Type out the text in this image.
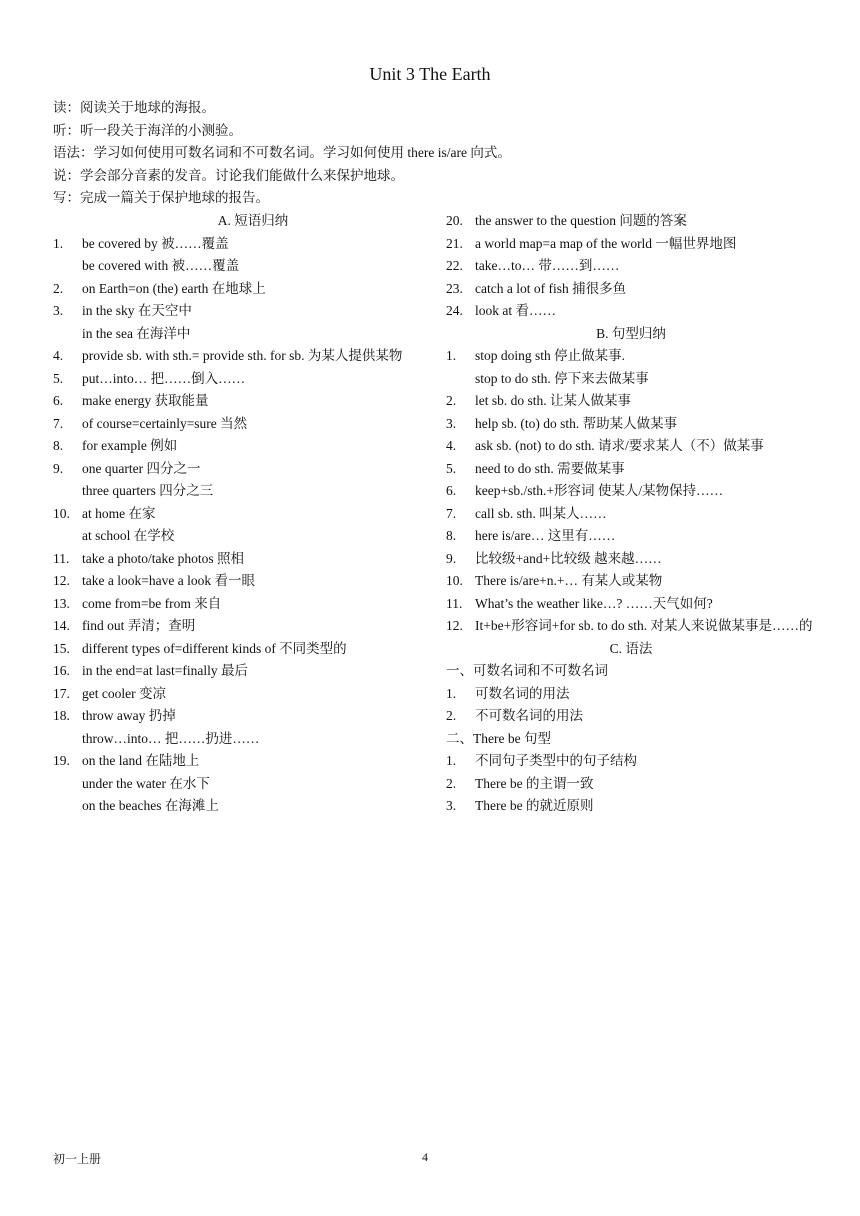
Unit 3 The Earth
读：阅读关于地球的海报。
听：听一段关于海洋的小测验。
语法：学习如何使用可数名词和不可数名词。学习如何使用 there is/are 向式。
说：学会部分音素的发音。讨论我们能做什么来保护地球。
写：完成一篇关于保护地球的报告。
A. 短语归纳
1.	be covered by 被……覆盖
be covered with 被……覆盖
2.	on Earth=on (the) earth 在地球上
3.	in the sky 在天空中
in the sea 在海洋中
4.	provide sb. with sth.= provide sth. for sb. 为某人提供某物
5.	put…into… 把……倒入……
6.	make energy 获取能量
7.	of course=certainly=sure 当然
8.	for example 例如
9.	one quarter 四分之一
three quarters 四分之三
10. at home 在家
at school 在学校
11. take a photo/take photos 照相
12. take a look=have a look 看一眼
13. come from=be from 来自
14. find out 弄清；查明
15. different types of=different kinds of 不同类型的
16. in the end=at last=finally 最后
17. get cooler 变凉
18. throw away 扔掉
throw…into… 把……扔进……
19. on the land 在陆地上
under the water 在水下
on the beaches 在海滩上
20. the answer to the question 问题的答案
21. a world map=a map of the world 一幅世界地图
22. take…to… 带……到……
23. catch a lot of fish 捕很多鱼
24. look at 看……
B. 句型归纳
1.	stop doing sth 停止做某事.
stop to do sth. 停下来去做某事
2.	let sb. do sth. 让某人做某事
3.	help sb. (to) do sth. 帮助某人做某事
4.	ask sb. (not) to do sth. 请求/要求某人（不）做某事
5.	need to do sth. 需要做某事
6.	keep+sb./sth.+形容词 使某人/某物保持……
7.	call sb. sth. 叫某人……
8.	here is/are… 这里有……
9.	比较级+and+比较级 越来越……
10. There is/are+n.+… 有某人或某物
11. What’s the weather like…? ……天气如何?
12. It+be+形容词+for sb. to do sth. 对某人来说做某事是……的
C. 语法
一、可数名词和不可数名词
1.	可数名词的用法
2.	不可数名词的用法
二、There be 句型
1.	不同句子类型中的句子结构
2.	There be 的主谓一致
3.	There be 的就近原则
初一上册	4
